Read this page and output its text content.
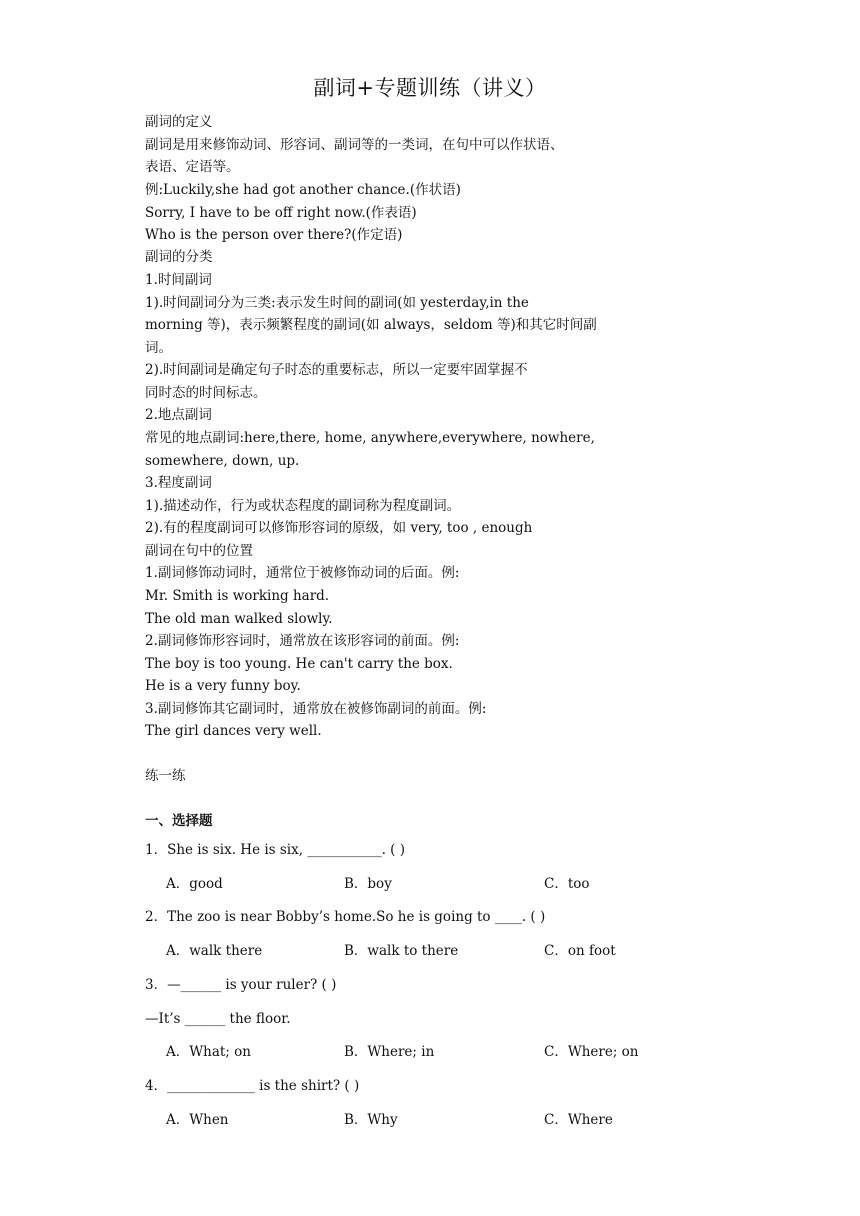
副词+专题训练（讲义）
副词的定义
副词是用来修饰动词、形容词、副词等的一类词，在句中可以作状语、
表语、定语等。
例:Luckily,she had got another chance.(作状语)
Sorry, I have to be off right now.(作表语)
Who is the person over there?(作定语)
副词的分类
1.时间副词
1).时间副词分为三类:表示发生时间的副词(如 yesterday,in the
morning 等)，表示频繁程度的副词(如 always，seldom 等)和其它时间副
词。
2).时间副词是确定句子时态的重要标志，所以一定要牢固掌握不
同时态的时间标志。
2.地点副词
常见的地点副词:here,there, home, anywhere,everywhere, nowhere,
somewhere, down, up.
3.程度副词
1).描述动作，行为或状态程度的副词称为程度副词。
2).有的程度副词可以修饰形容词的原级，如 very, too , enough
副词在句中的位置
1.副词修饰动词时，通常位于被修饰动词的后面。例:
Mr. Smith is working hard.
The old man walked slowly.
2.副词修饰形容词时，通常放在该形容词的前面。例:
The boy is too young. He can't carry the box.
He is a very funny boy.
3.副词修饰其它副词时，通常放在被修饰副词的前面。例:
The girl dances very well.
练一练
一、选择题
1．She is six. He is six, ___________. ( )
A．good	B．boy	C．too
2．The zoo is near Bobby’s home.So he is going to ____. ( )
A．walk there	B．walk to there	C．on foot
3．—______ is your ruler? ( )
—It’s ______ the floor.
A．What; on	B．Where; in	C．Where; on
4．_____________ is the shirt? ( )
A．When	B．Why	C．Where
